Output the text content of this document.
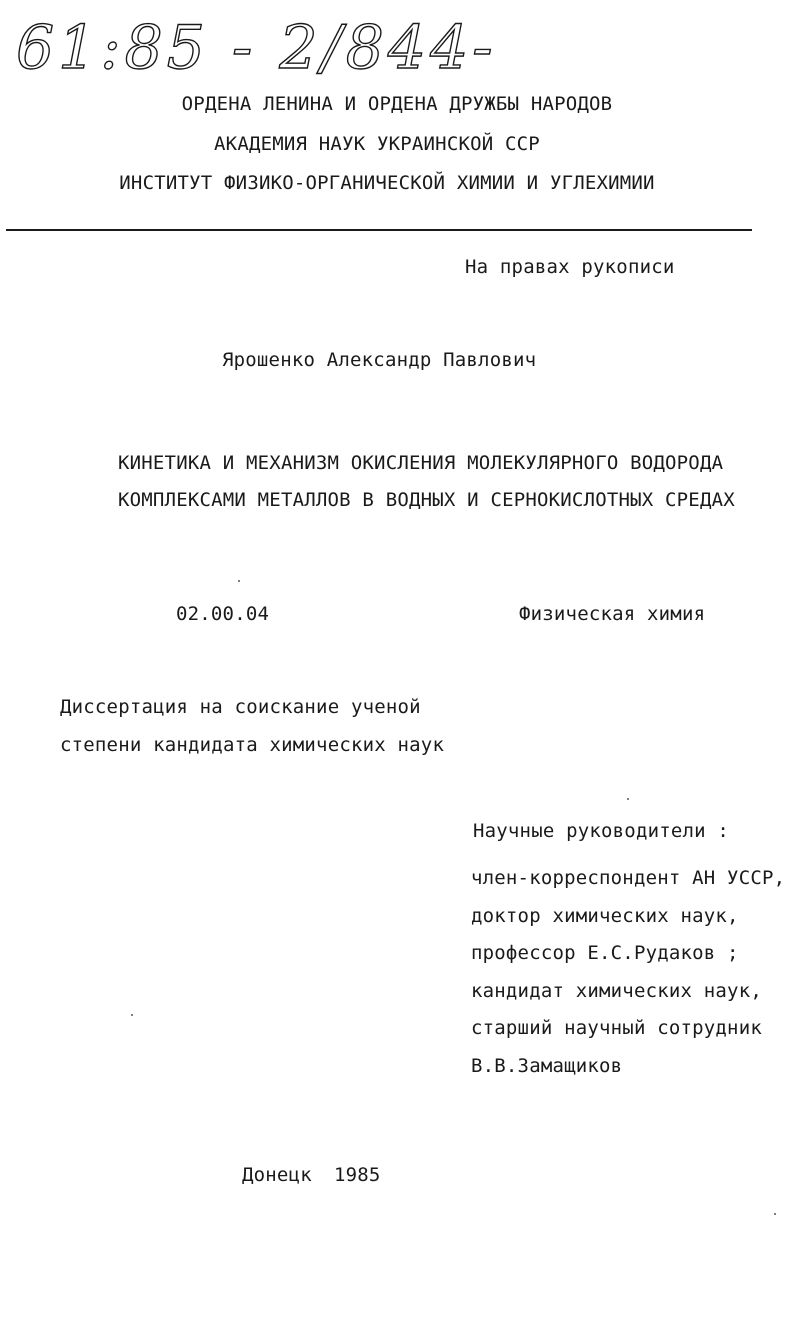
61:85 - 2/844-6
ОРДЕНА ЛЕНИНА И ОРДЕНА ДРУЖБЫ НАРОДОВ
АКАДЕМИЯ НАУК УКРАИНСКОЙ ССР
ИНСТИТУТ ФИЗИКО-ОРГАНИЧЕСКОЙ ХИМИИ И УГЛЕХИМИИ
На правах рукописи
Ярошенко Александр Павлович
КИНЕТИКА И МЕХАНИЗМ ОКИСЛЕНИЯ МОЛЕКУЛЯРНОГО ВОДОРОДА
КОМПЛЕКСАМИ МЕТАЛЛОВ В ВОДНЫХ И СЕРНОКИСЛОТНЫХ СРЕДАХ
02.00.04	Физическая химия
Диссертация на соискание ученой
степени кандидата химических наук
Научные руководители :
член-корреспондент АН УССР,
доктор химических наук,
профессор Е.С.Рудаков ;
кандидат химических наук,
старший научный сотрудник
В.В.Замащиков
Донецк 1985
